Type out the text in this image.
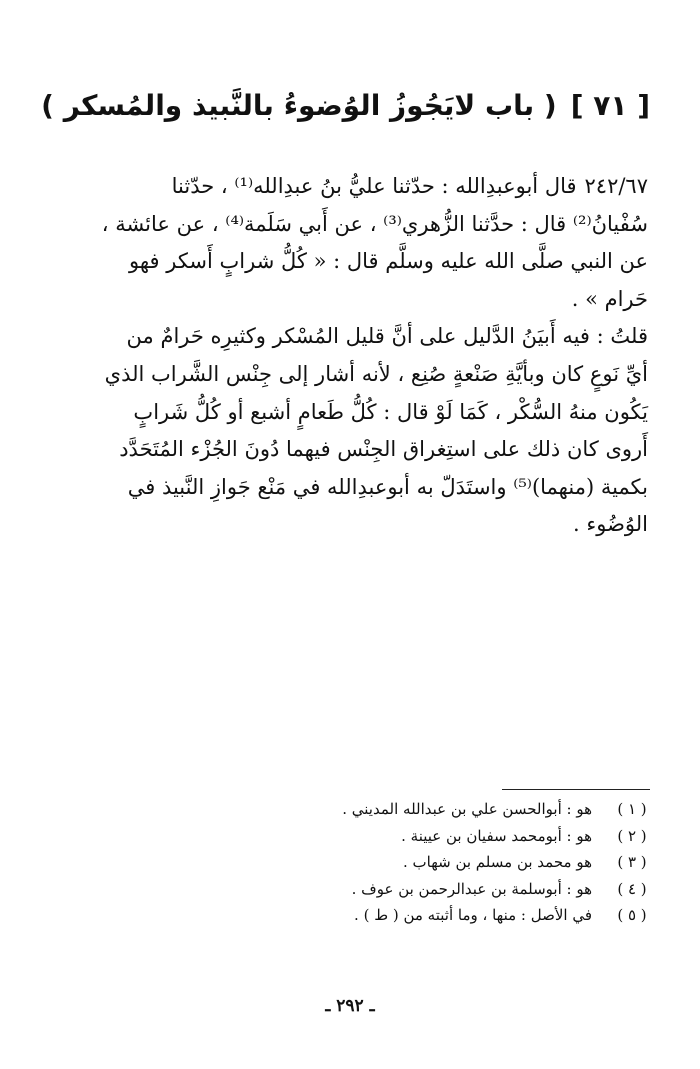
[ ٧١ ]( باب لايَجُوزُ الوُضوءُ بالنَّبيذ والمُسكر )
٢٤٢/٦٧قال أبوعبدِالله : حدّثنا عليُّ بنُ عبدِالله⁽¹⁾ ، حدّثنا سُفْيانُ⁽²⁾ قال : حدَّثنا الزُّهري⁽³⁾ ، عن أَبي سَلَمة⁽⁴⁾ ، عن عائشة ، عن النبي صلَّى الله عليه وسلَّم قال : « كُلُّ شرابٍ أَسكر فهو حَرام » .
قلتُ : فيه أَبيَنُ الدَّليل على أنَّ قليل المُسْكر وكثيرِه حَرامٌ من أيِّ نَوعٍ كان وبأيَّةِ صَنْعةٍ صُنِع ، لأنه أشار إلى جِنْس الشَّراب الذي يَكُون منهُ السُّكْر ، كَمَا لَوْ قال : كُلُّ طَعامٍ أشبع أو كُلُّ شَرابٍ أَروى كان ذلك على استِغراق الجِنْس فيهما دُونَ الجُزْء المُتَحَدَّد بكمية (منهما)⁽⁵⁾ واستَدَلّ به أبوعبدِالله في مَنْع جَوازِ النَّبيذ في الوُضُوء .
( ١ )
هو : أبوالحسن علي بن عبدالله المديني .
( ٢ )
هو : أبومحمد سفيان بن عيينة .
( ٣ )
هو محمد بن مسلم بن شهاب .
( ٤ )
هو : أبوسلمة بن عبدالرحمن بن عوف .
( ٥ )
في الأصل : منها ، وما أثبته من ( ط ) .
ـ ٢٩٢ ـ
